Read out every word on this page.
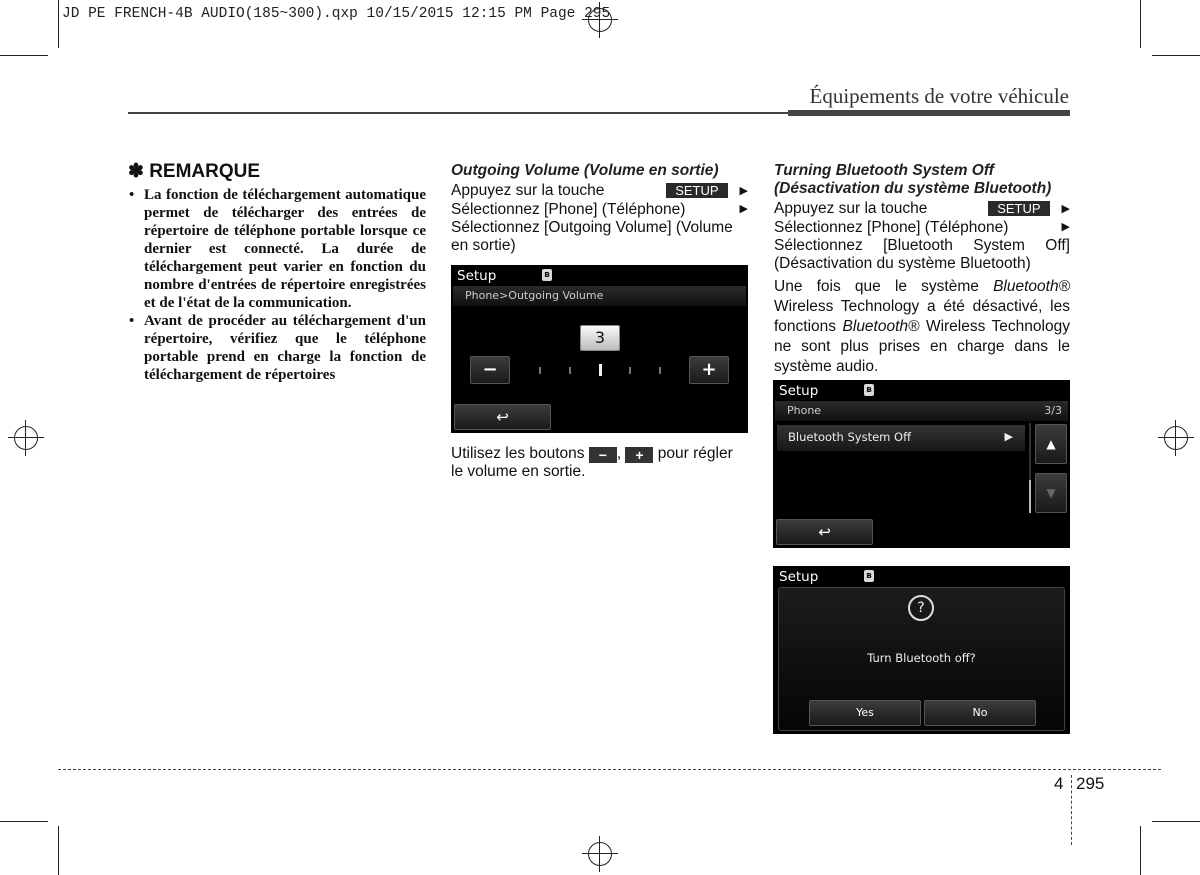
JD PE FRENCH-4B AUDIO(185~300).qxp 10/15/2015 12:15 PM Page 295
Équipements de votre véhicule
✽ REMARQUE
• La fonction de téléchargement automatique permet de télécharger des entrées de répertoire de téléphone portable lorsque ce dernier est connecté. La durée de téléchargement peut varier en fonction du nombre d'entrées de répertoire enregistrées et de l'état de la communication.
• Avant de procéder au téléchargement d'un répertoire, vérifiez que le téléphone portable prend en charge la fonction de téléchargement de répertoires
Outgoing Volume (Volume en sortie)
Appuyez sur la touche	SETUP ▶
Sélectionnez [Phone] (Téléphone)	▶
Sélectionnez [Outgoing Volume] (Volume en sortie)
Setup	ʙ
Phone>Outgoing Volume
3
−	+
↩
Utilisez les boutons − , + pour régler
le volume en sortie.
Turning Bluetooth System Off
(Désactivation du système Bluetooth)
Appuyez sur la touche	SETUP ▶
Sélectionnez [Phone] (Téléphone)	▶
Sélectionnez [Bluetooth System Off] (Désactivation du système Bluetooth)
Une fois que le système Bluetooth® Wireless Technology a été désactivé, les fonctions Bluetooth® Wireless Technology ne sont plus prises en charge dans le système audio.
Setup	ʙ
Phone	3/3
Bluetooth System Off	▶
▲
▼
↩
Setup	ʙ
?
Turn Bluetooth off?
Yes	No
4 295
